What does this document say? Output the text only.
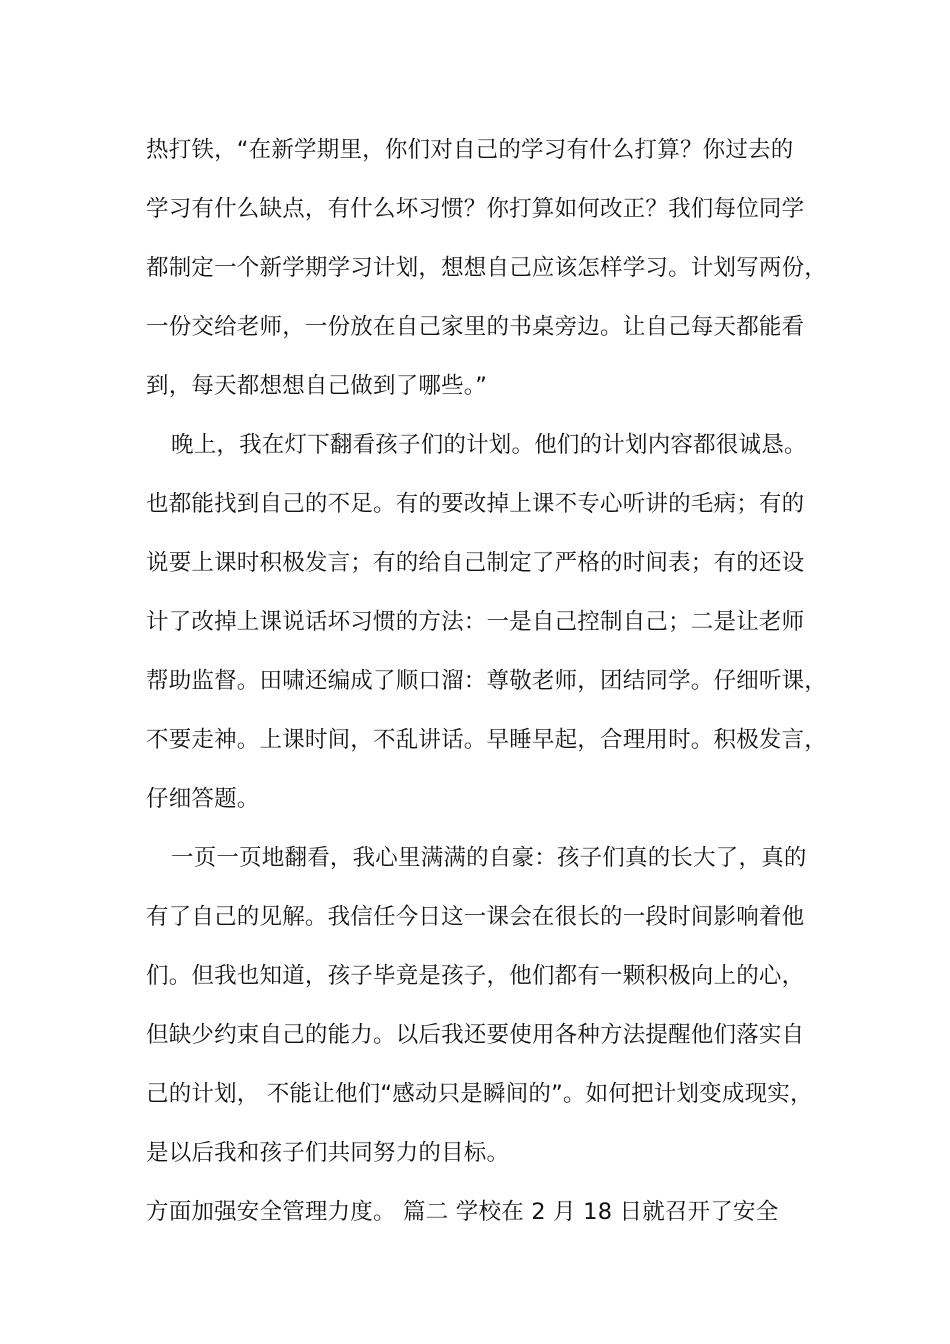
热打铁，“在新学期里，你们对自己的学习有什么打算？你过去的
学习有什么缺点，有什么坏习惯？你打算如何改正？我们每位同学
都制定一个新学期学习计划，想想自己应该怎样学习。计划写两份，
一份交给老师，一份放在自己家里的书桌旁边。让自己每天都能看
到，每天都想想自己做到了哪些。”
晚上，我在灯下翻看孩子们的计划。他们的计划内容都很诚恳。
也都能找到自己的不足。有的要改掉上课不专心听讲的毛病；有的
说要上课时积极发言；有的给自己制定了严格的时间表；有的还设
计了改掉上课说话坏习惯的方法：一是自己控制自己；二是让老师
帮助监督。田啸还编成了顺口溜：尊敬老师，团结同学。仔细听课，
不要走神。上课时间，不乱讲话。早睡早起，合理用时。积极发言，
仔细答题。
一页一页地翻看，我心里满满的自豪：孩子们真的长大了，真的
有了自己的见解。我信任今日这一课会在很长的一段时间影响着他
们。但我也知道，孩子毕竟是孩子，他们都有一颗积极向上的心，
但缺少约束自己的能力。以后我还要使用各种方法提醒他们落实自
己的计划， 不能让他们“感动只是瞬间的”。如何把计划变成现实，
是以后我和孩子们共同努力的目标。
方面加强安全管理力度。 篇二 学校在 2 月 18 日就召开了安全
